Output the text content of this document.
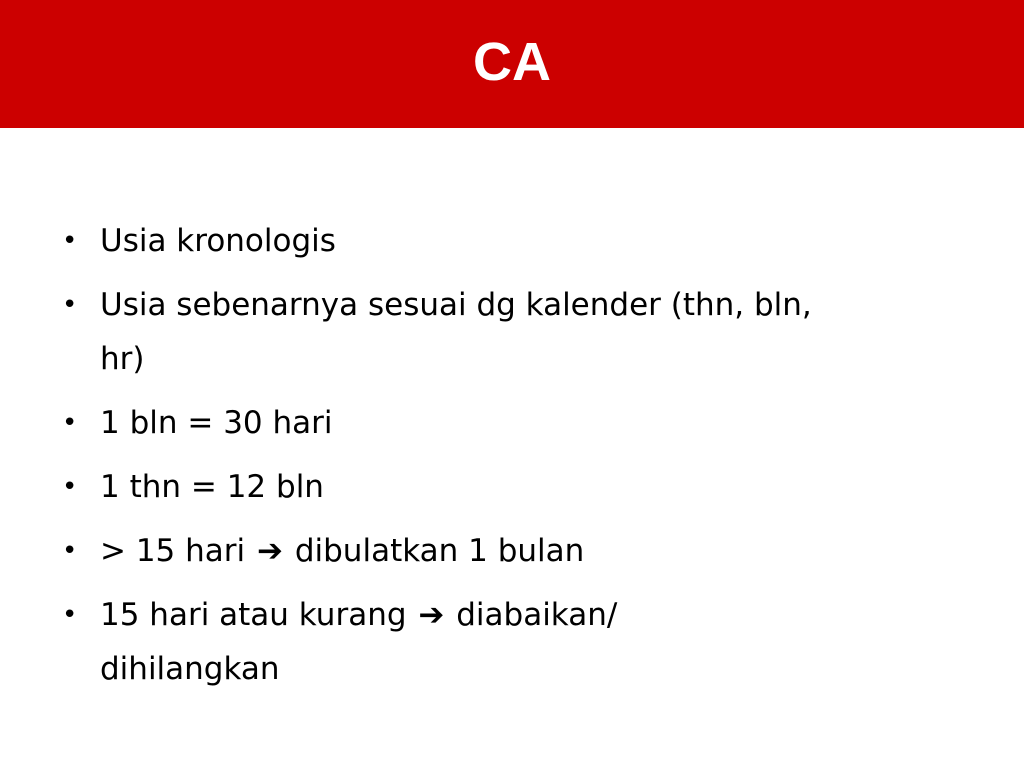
CA
• Usia kronologis
• Usia sebenarnya sesuai dg kalender (thn, bln,
hr)
• 1 bln = 30 hari
• 1 thn = 12 bln
• > 15 hari ➔ dibulatkan 1 bulan
• 15 hari atau kurang ➔ diabaikan/
dihilangkan
